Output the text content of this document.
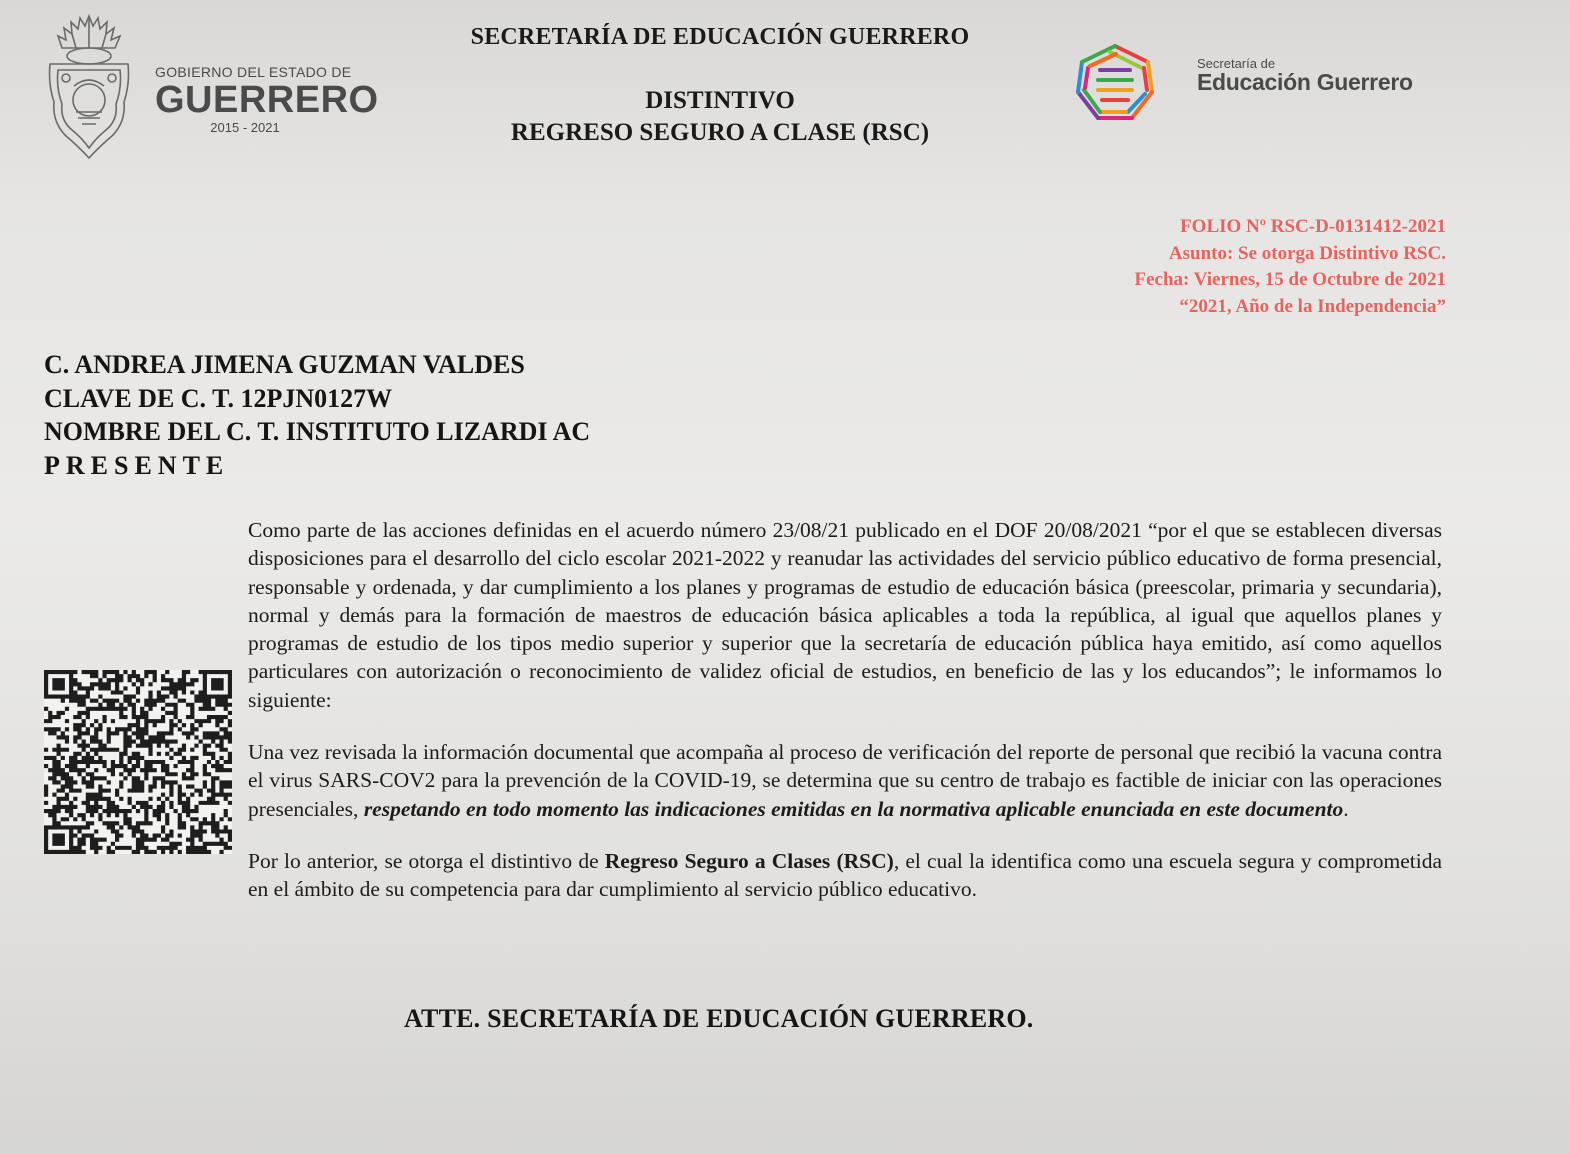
GOBIERNO DEL ESTADO DE
GUERRERO
2015 - 2021
SECRETARÍA DE EDUCACIÓN GUERRERO
DISTINTIVO
REGRESO SEGURO A CLASE (RSC)
Secretaría de
Educación Guerrero
FOLIO Nº RSC-D-0131412-2021
Asunto: Se otorga Distintivo RSC.
Fecha: Viernes, 15 de Octubre de 2021
“2021, Año de la Independencia”
C. ANDREA JIMENA GUZMAN VALDES
CLAVE DE C. T. 12PJN0127W
NOMBRE DEL C. T. INSTITUTO LIZARDI AC
PRESENTE

Como parte de las acciones definidas en el acuerdo número 23/08/21 publicado en el DOF 20/08/2021 “por el que se establecen diversas disposiciones para el desarrollo del ciclo escolar 2021-2022 y reanudar las actividades del servicio público educativo de forma presencial, responsable y ordenada, y dar cumplimiento a los planes y programas de estudio de educación básica (preescolar, primaria y secundaria), normal y demás para la formación de maestros de educación básica aplicables a toda la república, al igual que aquellos planes y programas de estudio de los tipos medio superior y superior que la secretaría de educación pública haya emitido, así como aquellos particulares con autorización o reconocimiento de validez oficial de estudios, en beneficio de las y los educandos”; le informamos lo siguiente:

Una vez revisada la información documental que acompaña al proceso de verificación del reporte de personal que recibió la vacuna contra el virus SARS-COV2 para la prevención de la COVID-19, se determina que su centro de trabajo es factible de iniciar con las operaciones presenciales, respetando en todo momento las indicaciones emitidas en la normativa aplicable enunciada en este documento.

Por lo anterior, se otorga el distintivo de Regreso Seguro a Clases (RSC), el cual la identifica como una escuela segura y comprometida en el ámbito de su competencia para dar cumplimiento al servicio público educativo.

ATTE. SECRETARÍA DE EDUCACIÓN GUERRERO.
